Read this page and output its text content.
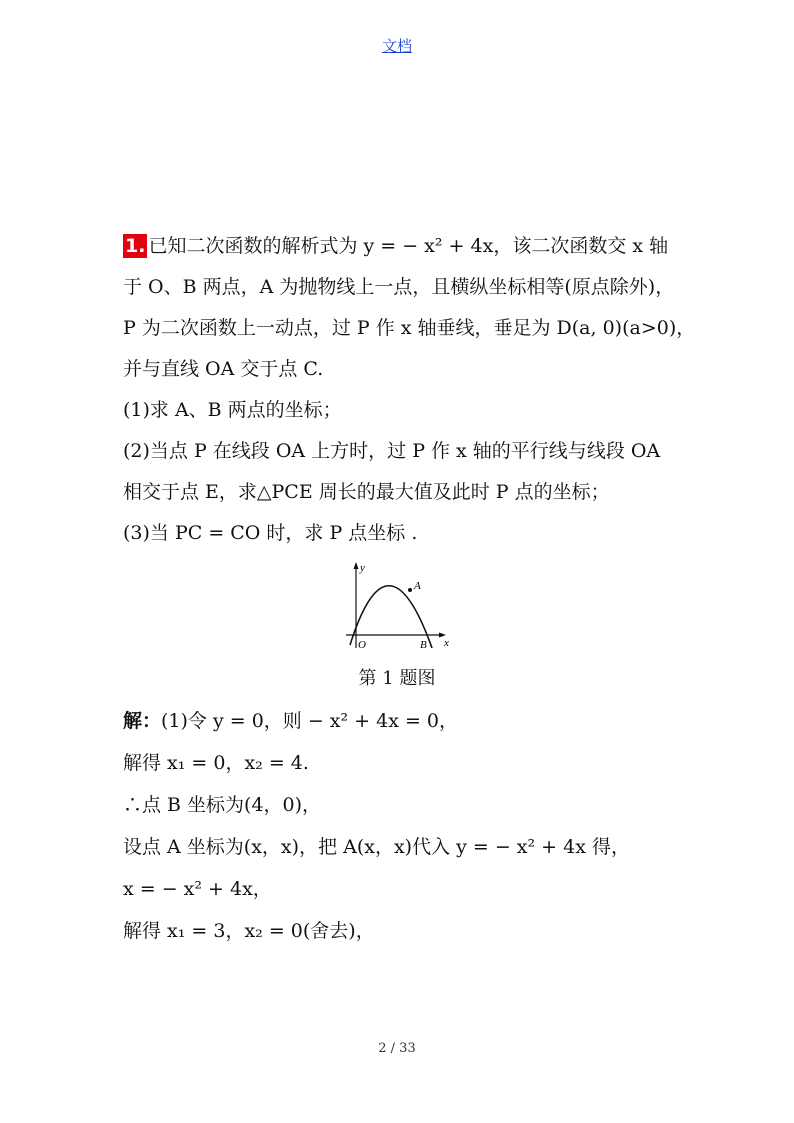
文档
1. 已知二次函数的解析式为 y = − x² + 4x，该二次函数交 x 轴
于 O、B 两点，A 为抛物线上一点，且横纵坐标相等(原点除外)，
P 为二次函数上一动点，过 P 作 x 轴垂线，垂足为 D(a, 0)(a>0)，
并与直线 OA 交于点 C.
(1)求 A、B 两点的坐标；
(2)当点 P 在线段 OA 上方时，过 P 作 x 轴的平行线与线段 OA
相交于点 E，求△PCE 周长的最大值及此时 P 点的坐标；
(3)当 PC = CO 时，求 P 点坐标 .
y
x
O
A
B
第 1 题图
解：(1)令 y = 0，则 − x² + 4x = 0，
解得 x₁ = 0，x₂ = 4.
∴点 B 坐标为(4，0)，
设点 A 坐标为(x，x)，把 A(x，x)代入 y = − x² + 4x 得，
x = − x² + 4x，
解得 x₁ = 3，x₂ = 0(舍去)，
2 / 33
